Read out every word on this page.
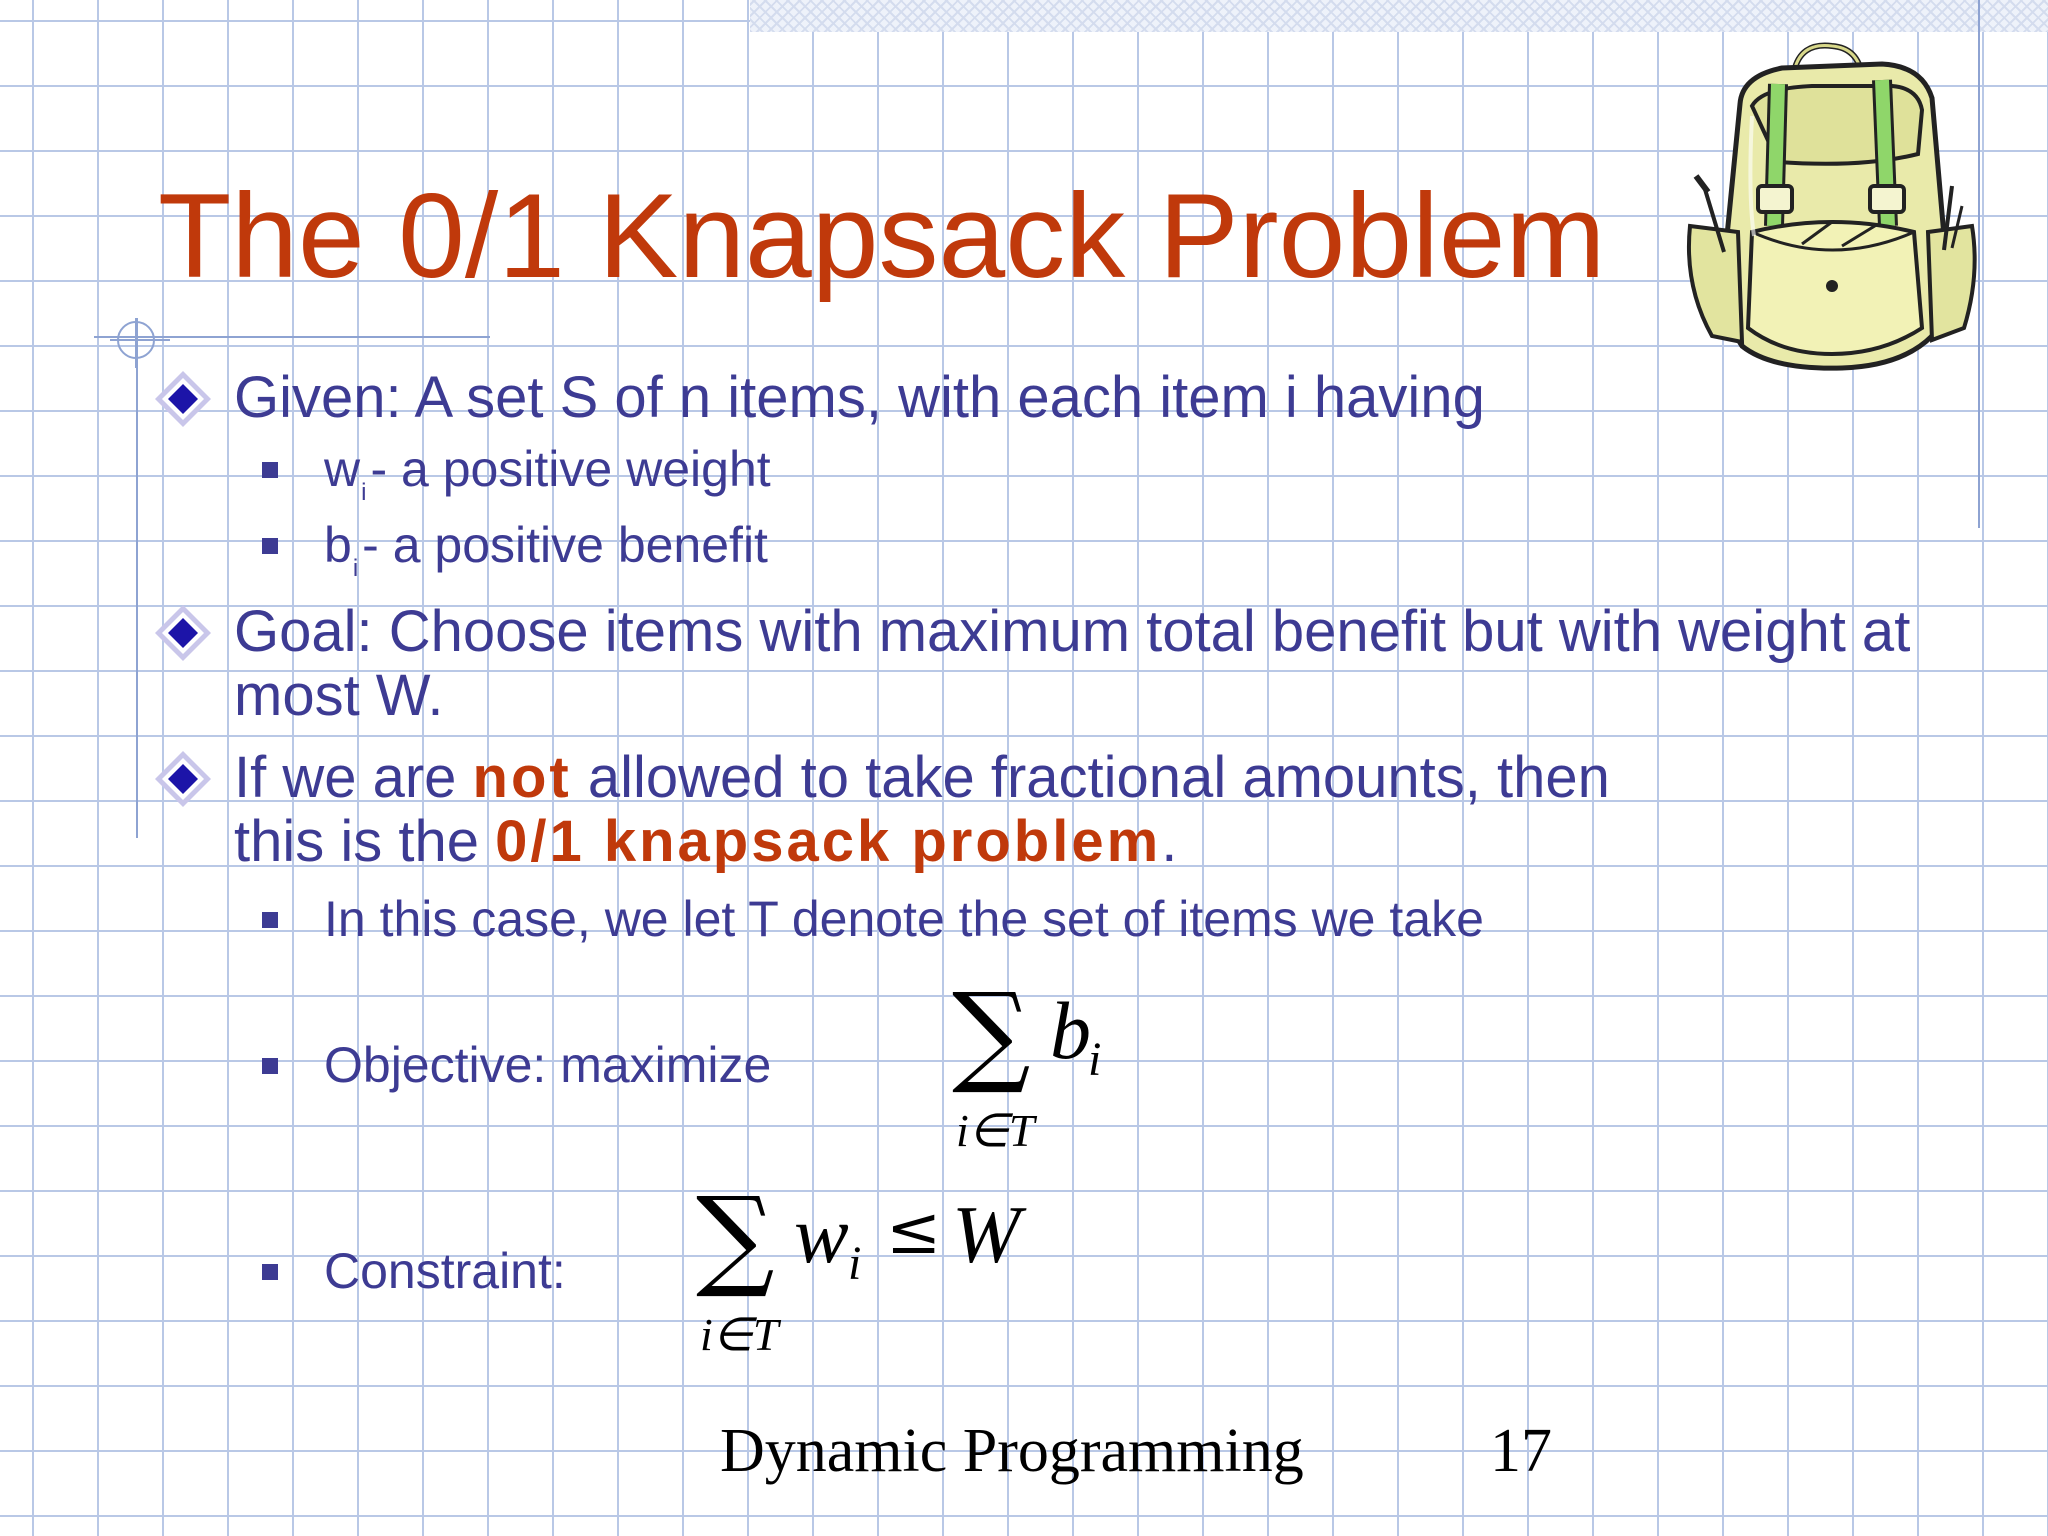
The 0/1 Knapsack Problem
Given: A set S of n items, with each item i having
$w_i-$ a positive weight
$b_i-$ a positive benefit
Goal: Choose items with maximum total benefit but with weight at most W.
If we are not allowed to take fractional amounts, then
this is the 0/1 knapsack problem.
In this case, we let T denote the set of items we take
Objective: maximize ∑ b
i
i∈T
Constraint: ∑ w i ≤ W
i∈T
Dynamic Programming	17
